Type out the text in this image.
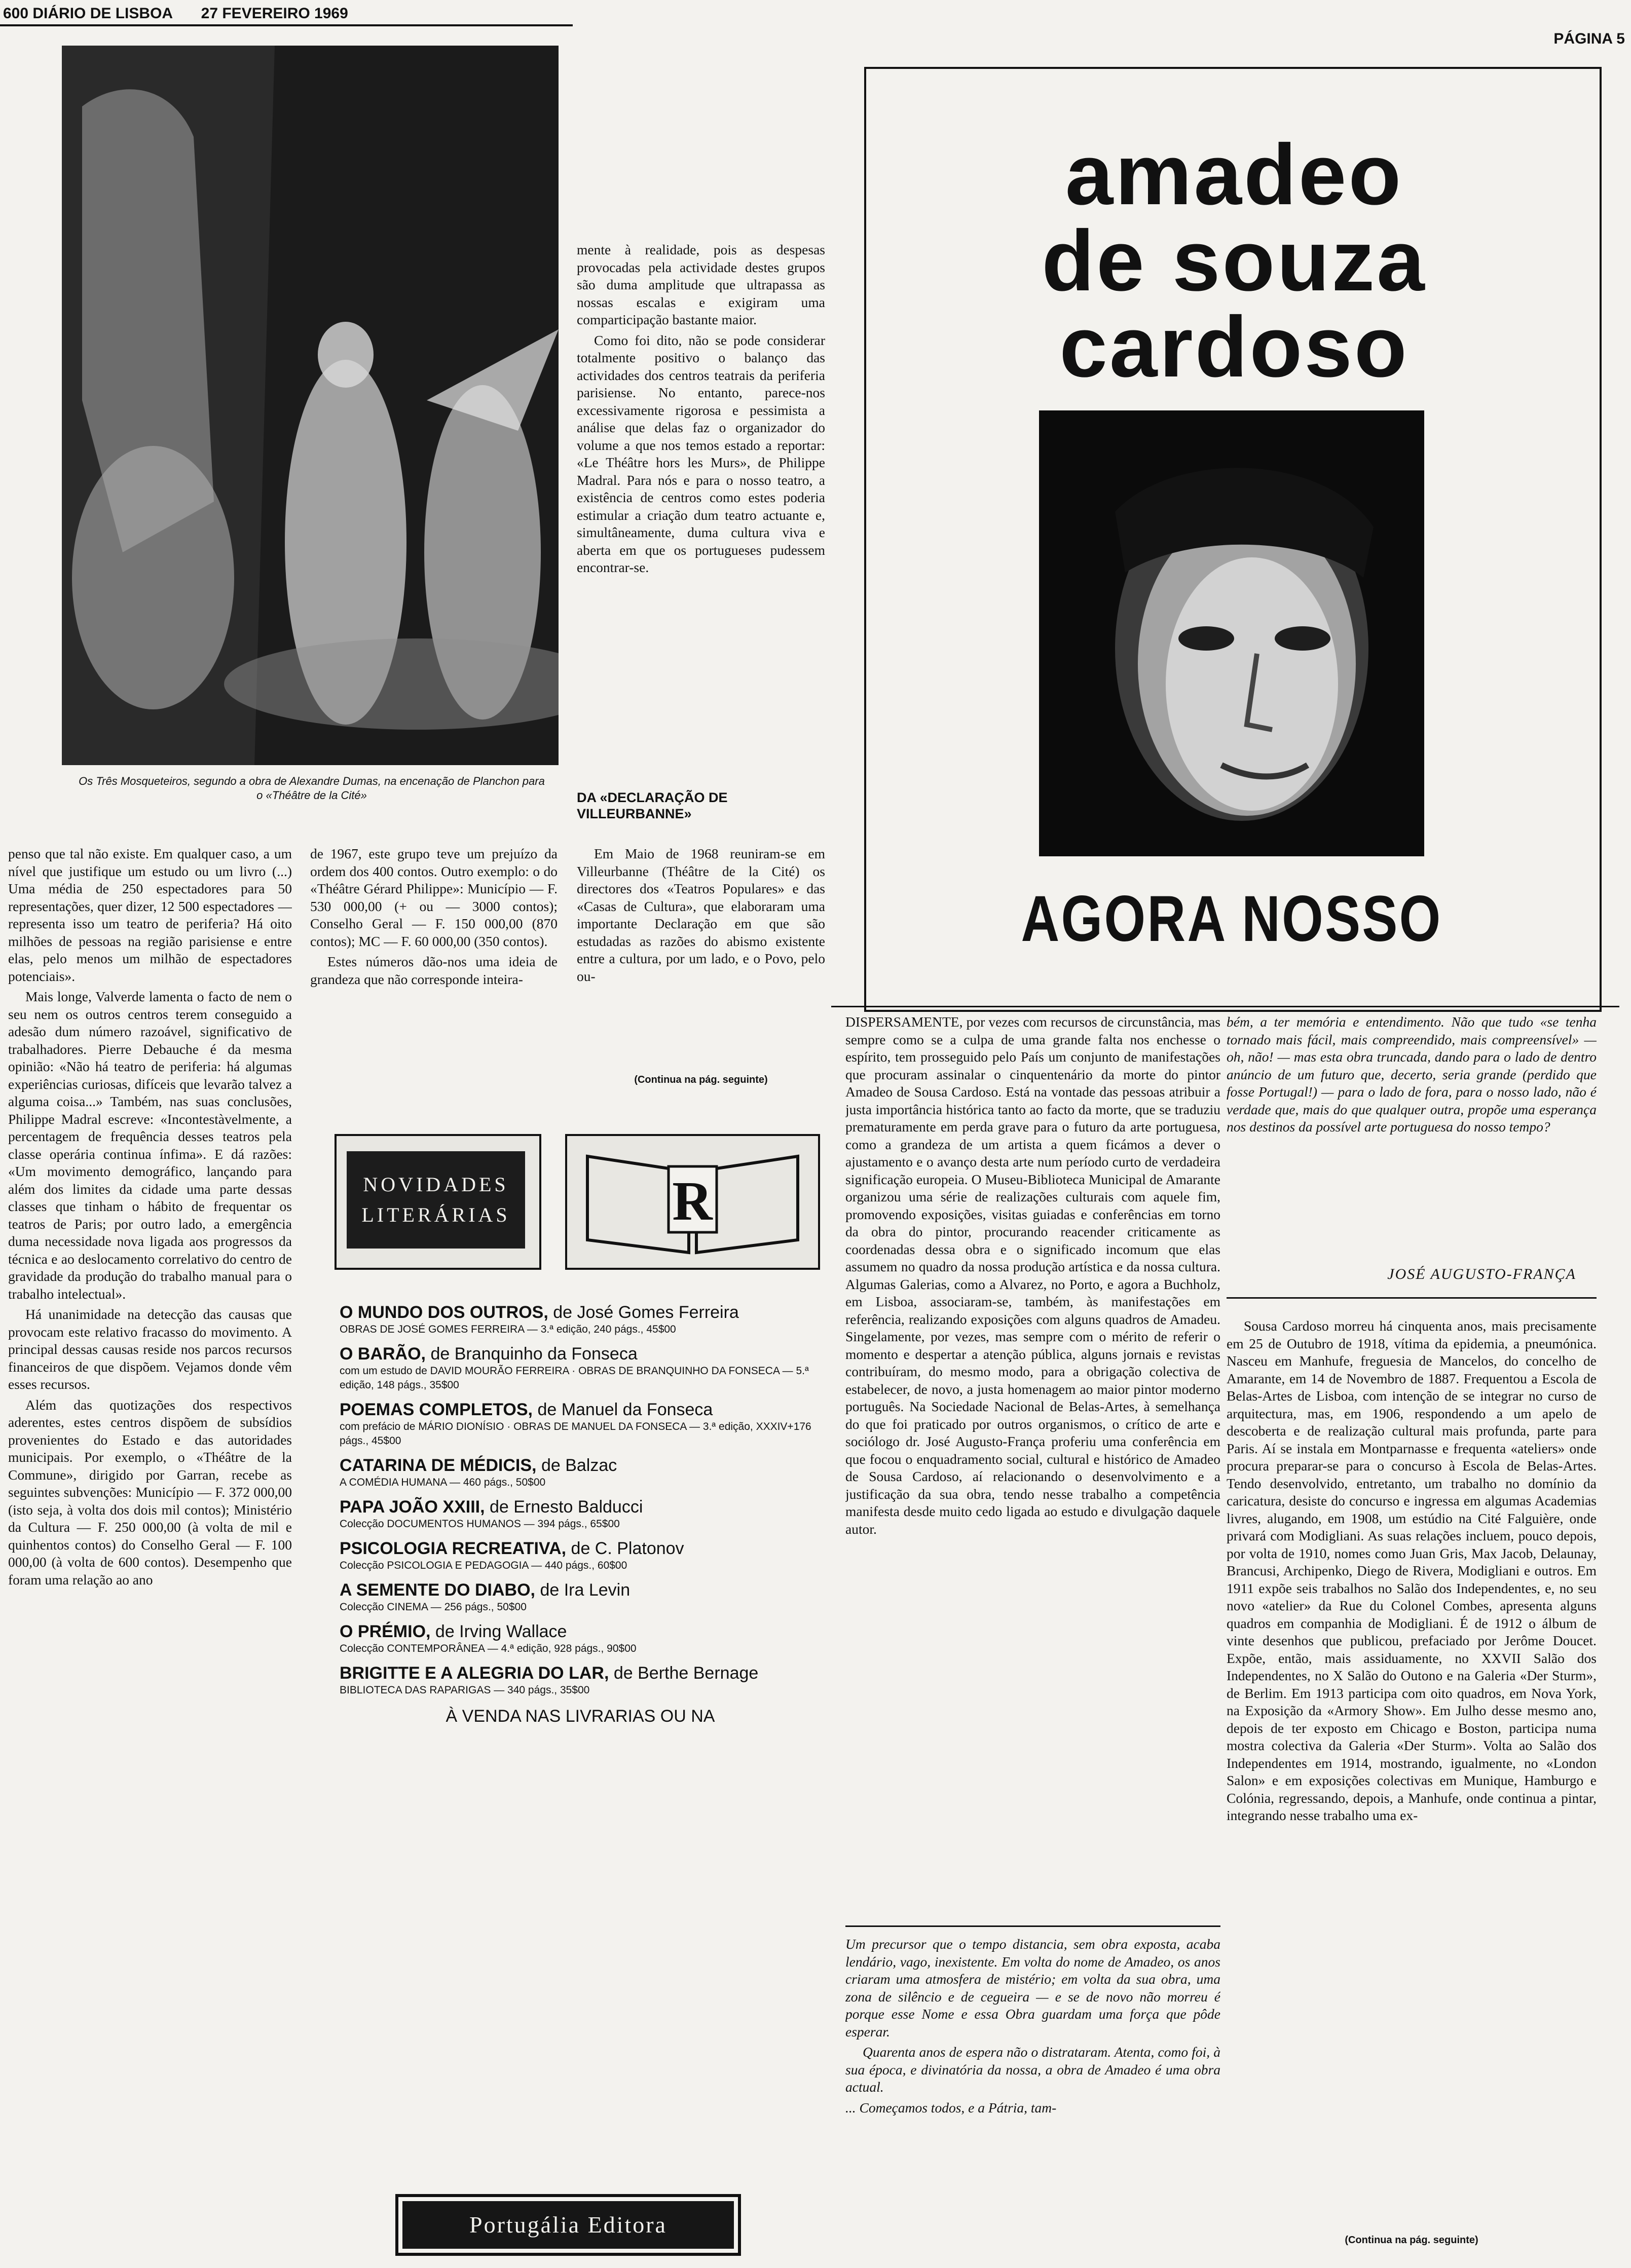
600 DIÁRIO DE LISBOA 27 FEVEREIRO 1969
PÁGINA 5
Os Três Mosqueteiros, segundo a obra de Alexandre Dumas, na encenação de Planchon para o «Théâtre de la Cité»

penso que tal não existe. Em qualquer caso, a um nível que justifique um estudo ou um livro (...) Uma média de 250 espectadores para 50 representações, quer dizer, 12 500 espectadores — representa isso um teatro de periferia? Há oito milhões de pessoas na região parisiense e entre elas, pelo menos um milhão de espectadores potenciais».

Mais longe, Valverde lamenta o facto de nem o seu nem os outros centros terem conseguido a adesão dum número razoável, significativo de trabalhadores. Pierre Debauche é da mesma opinião: «Não há teatro de periferia: há algumas experiências curiosas, difíceis que levarão talvez a alguma coisa...» Também, nas suas conclusões, Philippe Madral escreve: «Incontestàvelmente, a percentagem de frequência desses teatros pela classe operária continua ínfima». E dá razões: «Um movimento demográfico, lançando para além dos limites da cidade uma parte dessas classes que tinham o hábito de frequentar os teatros de Paris; por outro lado, a emergência duma necessidade nova ligada aos progressos da técnica e ao deslocamento correlativo do centro de gravidade da produção do trabalho manual para o trabalho intelectual».

Há unanimidade na detecção das causas que provocam este relativo fracasso do movimento. A principal dessas causas reside nos parcos recursos financeiros de que dispõem. Vejamos donde vêm esses recursos.

Além das quotizações dos respectivos aderentes, estes centros dispõem de subsídios provenientes do Estado e das autoridades municipais. Por exemplo, o «Théâtre de la Commune», dirigido por Garran, recebe as seguintes subvenções: Município — F. 372 000,00 (isto seja, à volta dos dois mil contos); Ministério da Cultura — F. 250 000,00 (à volta de mil e quinhentos contos) do Conselho Geral — F. 100 000,00 (à volta de 600 contos). Desempenho que foram uma relação ao ano

de 1967, este grupo teve um prejuízo da ordem dos 400 contos. Outro exemplo: o do «Théâtre Gérard Philippe»: Município — F. 530 000,00 (+ ou — 3000 contos); Conselho Geral — F. 150 000,00 (870 contos); MC — F. 60 000,00 (350 contos).

Estes números dão-nos uma ideia de grandeza que não corresponde inteira-

mente à realidade, pois as despesas provocadas pela actividade destes grupos são duma amplitude que ultrapassa as nossas escalas e exigiram uma comparticipação bastante maior.

Como foi dito, não se pode considerar totalmente positivo o balanço das actividades dos centros teatrais da periferia parisiense. No entanto, parece-nos excessivamente rigorosa e pessimista a análise que delas faz o organizador do volume a que nos temos estado a reportar: «Le Théâtre hors les Murs», de Philippe Madral. Para nós e para o nosso teatro, a existência de centros como estes poderia estimular a criação dum teatro actuante e, simultâneamente, duma cultura viva e aberta em que os portugueses pudessem encontrar-se.

DA «DECLARAÇÃO DE VILLEURBANNE»

Em Maio de 1968 reuniram-se em Villeurbanne (Théâtre de la Cité) os directores dos «Teatros Populares» e das «Casas de Cultura», que elaboraram uma importante Declaração em que são estudadas as razões do abismo existente entre a cultura, por um lado, e o Povo, pelo ou-

(Continua na pág. seguinte)
NOVIDADES
LITERÁRIAS	R
O MUNDO DOS OUTROS, de José Gomes Ferreira
OBRAS DE JOSÉ GOMES FERREIRA — 3.ª edição, 240 págs., 45$00
O BARÃO, de Branquinho da Fonseca
com um estudo de DAVID MOURÃO FERREIRA · OBRAS DE BRANQUINHO DA FONSECA — 5.ª edição, 148 págs., 35$00
POEMAS COMPLETOS, de Manuel da Fonseca
com prefácio de MÁRIO DIONÍSIO · OBRAS DE MANUEL DA FONSECA — 3.ª edição, XXXIV+176 págs., 45$00
CATARINA DE MÉDICIS, de Balzac
A COMÉDIA HUMANA — 460 págs., 50$00
PAPA JOÃO XXIII, de Ernesto Balducci
Colecção DOCUMENTOS HUMANOS — 394 págs., 65$00
PSICOLOGIA RECREATIVA, de C. Platonov
Colecção PSICOLOGIA E PEDAGOGIA — 440 págs., 60$00
A SEMENTE DO DIABO, de Ira Levin
Colecção CINEMA — 256 págs., 50$00
O PRÉMIO, de Irving Wallace
Colecção CONTEMPORÂNEA — 4.ª edição, 928 págs., 90$00
BRIGITTE E A ALEGRIA DO LAR, de Berthe Bernage
BIBLIOTECA DAS RAPARIGAS — 340 págs., 35$00
À VENDA NAS LIVRARIAS OU NA
Portugália Editora
amadeo
de souza
cardoso
AGORA NOSSO

DISPERSAMENTE, por vezes com recursos de circunstância, mas sempre como se a culpa de uma grande falta nos enchesse o espírito, tem prosseguido pelo País um conjunto de manifestações que procuram assinalar o cinquentenário da morte do pintor Amadeo de Sousa Cardoso. Está na vontade das pessoas atribuir a justa importância histórica tanto ao facto da morte, que se traduziu prematuramente em perda grave para o futuro da arte portuguesa, como a grandeza de um artista a quem ficámos a dever o ajustamento e o avanço desta arte num período curto de verdadeira significação europeia. O Museu-Biblioteca Municipal de Amarante organizou uma série de realizações culturais com aquele fim, promovendo exposições, visitas guiadas e conferências em torno da obra do pintor, procurando reacender criticamente as coordenadas dessa obra e o significado incomum que elas assumem no quadro da nossa produção artística e da nossa cultura. Algumas Galerias, como a Alvarez, no Porto, e agora a Buchholz, em Lisboa, associaram-se, também, às manifestações em referência, realizando exposições com alguns quadros de Amadeu. Singelamente, por vezes, mas sempre com o mérito de referir o momento e despertar a atenção pública, alguns jornais e revistas contribuíram, do mesmo modo, para a obrigação colectiva de estabelecer, de novo, a justa homenagem ao maior pintor moderno português. Na Sociedade Nacional de Belas-Artes, à semelhança do que foi praticado por outros organismos, o crítico de arte e sociólogo dr. José Augusto-França proferiu uma conferência em que focou o enquadramento social, cultural e histórico de Amadeo de Sousa Cardoso, aí relacionando o desenvolvimento e a justificação da sua obra, tendo nesse trabalho a competência manifesta desde muito cedo ligada ao estudo e divulgação daquele autor.

Um precursor que o tempo distancia, sem obra exposta, acaba lendário, vago, inexistente. Em volta do nome de Amadeo, os anos criaram uma atmosfera de mistério; em volta da sua obra, uma zona de silêncio e de cegueira — e se de novo não morreu é porque esse Nome e essa Obra guardam uma força que pôde esperar.

Quarenta anos de espera não o distrataram. Atenta, como foi, à sua época, e divinatória da nossa, a obra de Amadeo é uma obra actual.

... Começamos todos, e a Pátria, tam-

bém, a ter memória e entendimento. Não que tudo «se tenha tornado mais fácil, mais compreendido, mais compreensível» — oh, não! — mas esta obra truncada, dando para o lado de dentro anúncio de um futuro que, decerto, seria grande (perdido que fosse Portugal!) — para o lado de fora, para o nosso lado, não é verdade que, mais do que qualquer outra, propõe uma esperança nos destinos da possível arte portuguesa do nosso tempo?

JOSÉ AUGUSTO-FRANÇA

Sousa Cardoso morreu há cinquenta anos, mais precisamente em 25 de Outubro de 1918, vítima da epidemia, a pneumónica. Nasceu em Manhufe, freguesia de Mancelos, do concelho de Amarante, em 14 de Novembro de 1887. Frequentou a Escola de Belas-Artes de Lisboa, com intenção de se integrar no curso de arquitectura, mas, em 1906, respondendo a um apelo de descoberta e de realização cultural mais profunda, parte para Paris. Aí se instala em Montparnasse e frequenta «ateliers» onde procura preparar-se para o concurso à Escola de Belas-Artes. Tendo desenvolvido, entretanto, um trabalho no domínio da caricatura, desiste do concurso e ingressa em algumas Academias livres, alugando, em 1908, um estúdio na Cité Falguière, onde privará com Modigliani. As suas relações incluem, pouco depois, por volta de 1910, nomes como Juan Gris, Max Jacob, Delaunay, Brancusi, Archipenko, Diego de Rivera, Modigliani e outros. Em 1911 expõe seis trabalhos no Salão dos Independentes, e, no seu novo «atelier» da Rue du Colonel Combes, apresenta alguns quadros em companhia de Modigliani. É de 1912 o álbum de vinte desenhos que publicou, prefaciado por Jerôme Doucet. Expõe, então, mais assiduamente, no XXVII Salão dos Independentes, no X Salão do Outono e na Galeria «Der Sturm», de Berlim. Em 1913 participa com oito quadros, em Nova York, na Exposição da «Armory Show». Em Julho desse mesmo ano, depois de ter exposto em Chicago e Boston, participa numa mostra colectiva da Galeria «Der Sturm». Volta ao Salão dos Independentes em 1914, mostrando, igualmente, no «London Salon» e em exposições colectivas em Munique, Hamburgo e Colónia, regressando, depois, a Manhufe, onde continua a pintar, integrando nesse trabalho uma ex-

(Continua na pág. seguinte)
